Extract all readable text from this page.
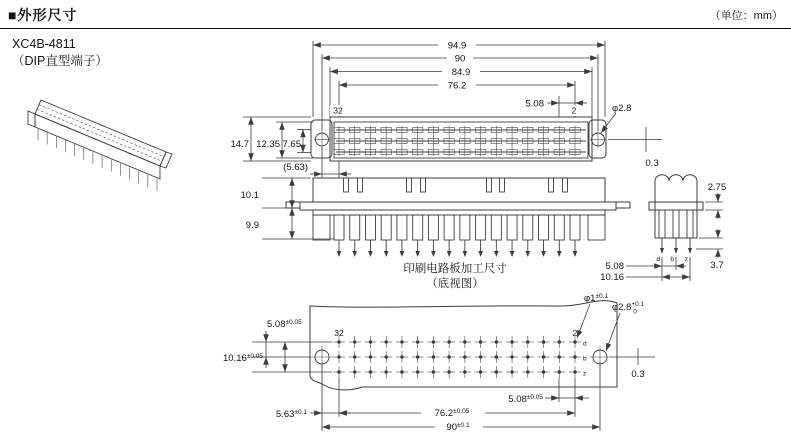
■外形尺寸	（单位：mm）
XC4B-4811
（DIP直型端子）
94.9
90
84.9
76.2
5.08
32	2
14.7 12.35 7.65
(5.63)
φ2.8
0.3
10.1
9.9
d b z
2.75
3.7
5.08
10.16
印刷电路板加工尺寸
（底视图）
32	2
d
b
z
$5.08^{\pm 0.05}$
$10.16^{\pm 0.05}$
$5.63^{\pm 0.1}$	$76.2^{\pm 0.05}$
$90^{\pm 0.1}$
$5.08^{\pm 0.05}$
0.3
$\varphi 1^{\pm 0.1}$
$\varphi 2.8^{+0.1}$ 0
